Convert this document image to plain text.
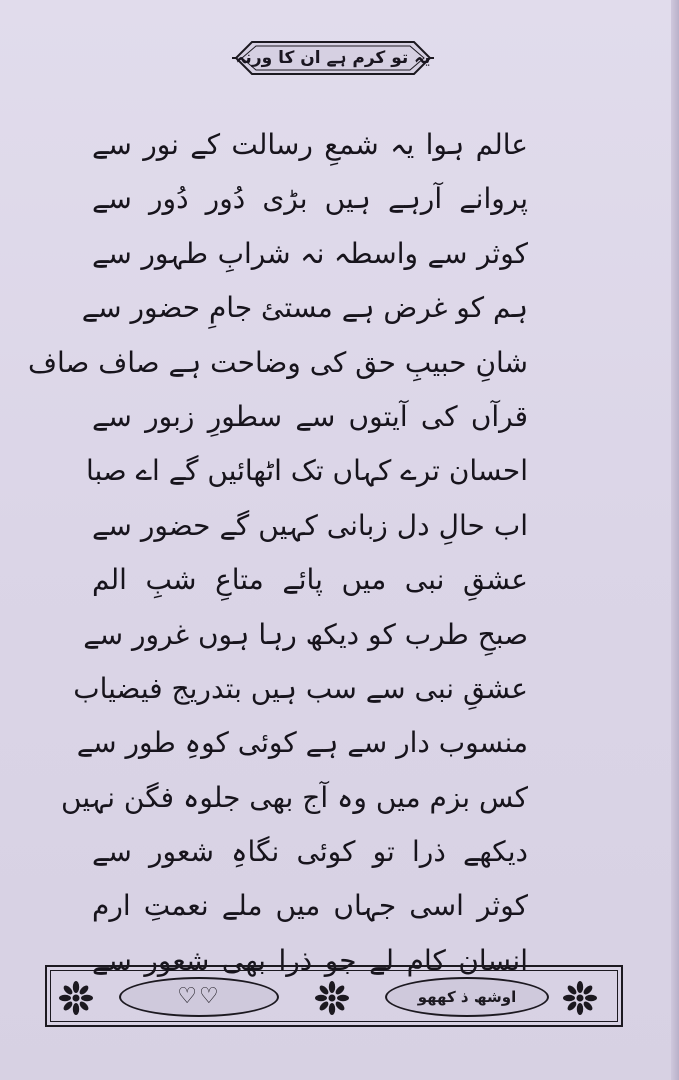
یہ تو کرم ہے ان کا ورنہ
عالم ہوا یہ شمعِ رسالت کے نور سے
پروانے آرہے ہیں بڑی دُور دُور سے
کوثر سے واسطہ نہ شرابِ طہور سے
ہم کو غرض ہے مستئ جامِ حضور سے
شانِ حبیبِ حق کی وضاحت ہے صاف صاف
قرآں کی آیتوں سے سطورِ زبور سے
احسان ترے کہاں تک اٹھائیں گے اے صبا
اب حالِ دل زبانی کہیں گے حضور سے
عشقِ نبی میں پائے متاعِ شبِ الم
صبحِ طرب کو دیکھ رہا ہوں غرور سے
عشقِ نبی سے سب ہیں بتدریج فیضیاب
منسوب دار سے ہے کوئی کوہِ طور سے
کس بزم میں وہ آج بھی جلوہ فگن نہیں
دیکھے ذرا تو کوئی نگاہِ شعور سے
کوثر اسی جہاں میں ملے نعمتِ ارم
انسان کام لے جو ذرا بھی شعور سے
♡♡	اوشھ ذ کھھو
